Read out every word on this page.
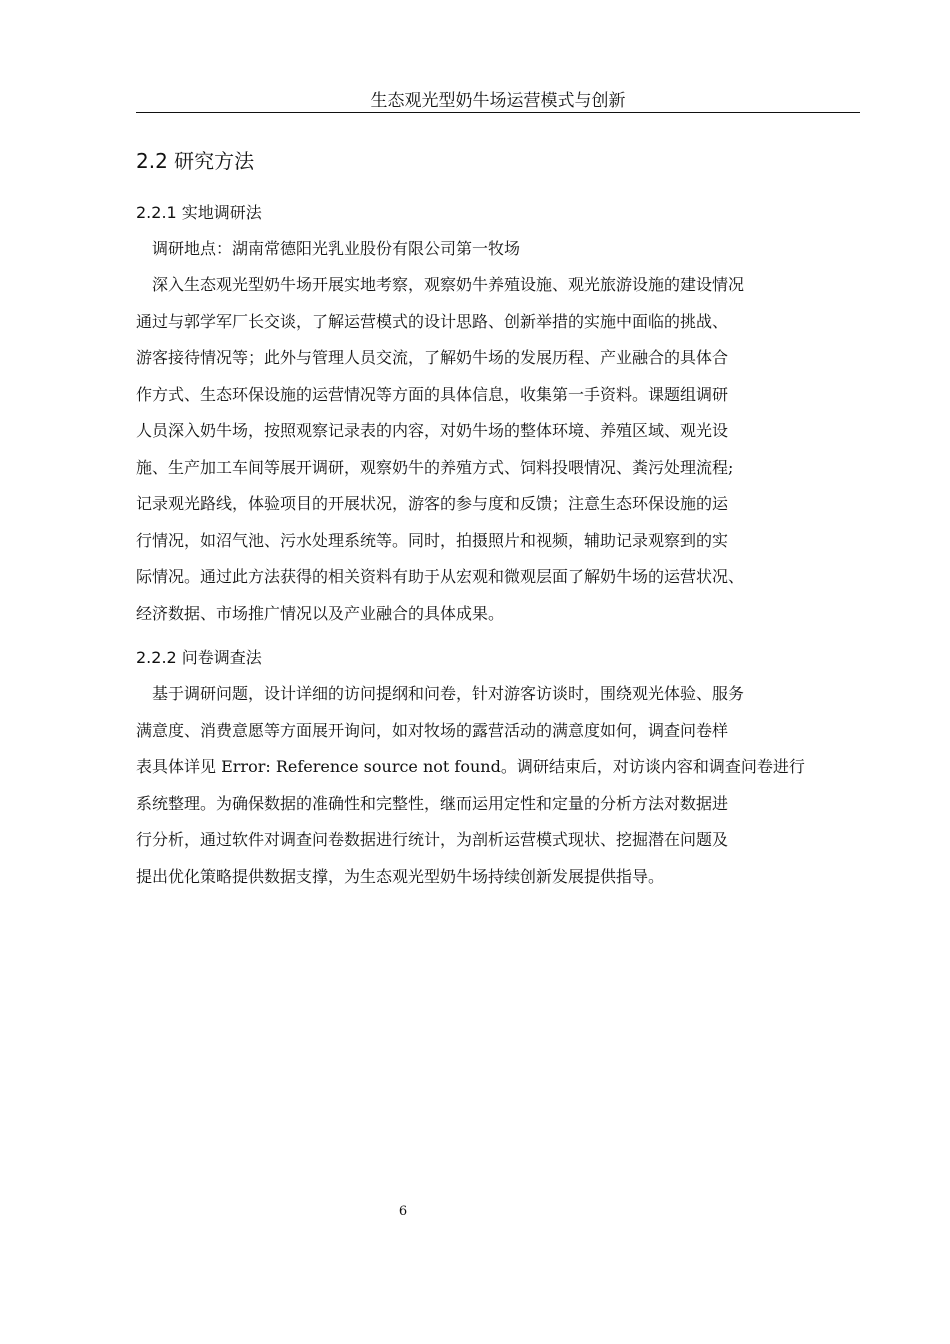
生态观光型奶牛场运营模式与创新
2.2 研究方法
2.2.1 实地调研法
调研地点：湖南常德阳光乳业股份有限公司第一牧场
深入生态观光型奶牛场开展实地考察，观察奶牛养殖设施、观光旅游设施的建设情况
通过与郭学军厂长交谈，了解运营模式的设计思路、创新举措的实施中面临的挑战、
游客接待情况等；此外与管理人员交流，了解奶牛场的发展历程、产业融合的具体合
作方式、生态环保设施的运营情况等方面的具体信息，收集第一手资料。课题组调研
人员深入奶牛场，按照观察记录表的内容，对奶牛场的整体环境、养殖区域、观光设
施、生产加工车间等展开调研，观察奶牛的养殖方式、饲料投喂情况、粪污处理流程;
记录观光路线，体验项目的开展状况，游客的参与度和反馈；注意生态环保设施的运
行情况，如沼气池、污水处理系统等。同时，拍摄照片和视频，辅助记录观察到的实
际情况。通过此方法获得的相关资料有助于从宏观和微观层面了解奶牛场的运营状况、
经济数据、市场推广情况以及产业融合的具体成果。
2.2.2 问卷调查法
基于调研问题，设计详细的访问提纲和问卷，针对游客访谈时，围绕观光体验、服务
满意度、消费意愿等方面展开询问，如对牧场的露营活动的满意度如何，调查问卷样
表具体详见 Error: Reference source not found。调研结束后，对访谈内容和调查问卷进行
系统整理。为确保数据的准确性和完整性，继而运用定性和定量的分析方法对数据进
行分析，通过软件对调查问卷数据进行统计，为剖析运营模式现状、挖掘潜在问题及
提出优化策略提供数据支撑，为生态观光型奶牛场持续创新发展提供指导。
6
